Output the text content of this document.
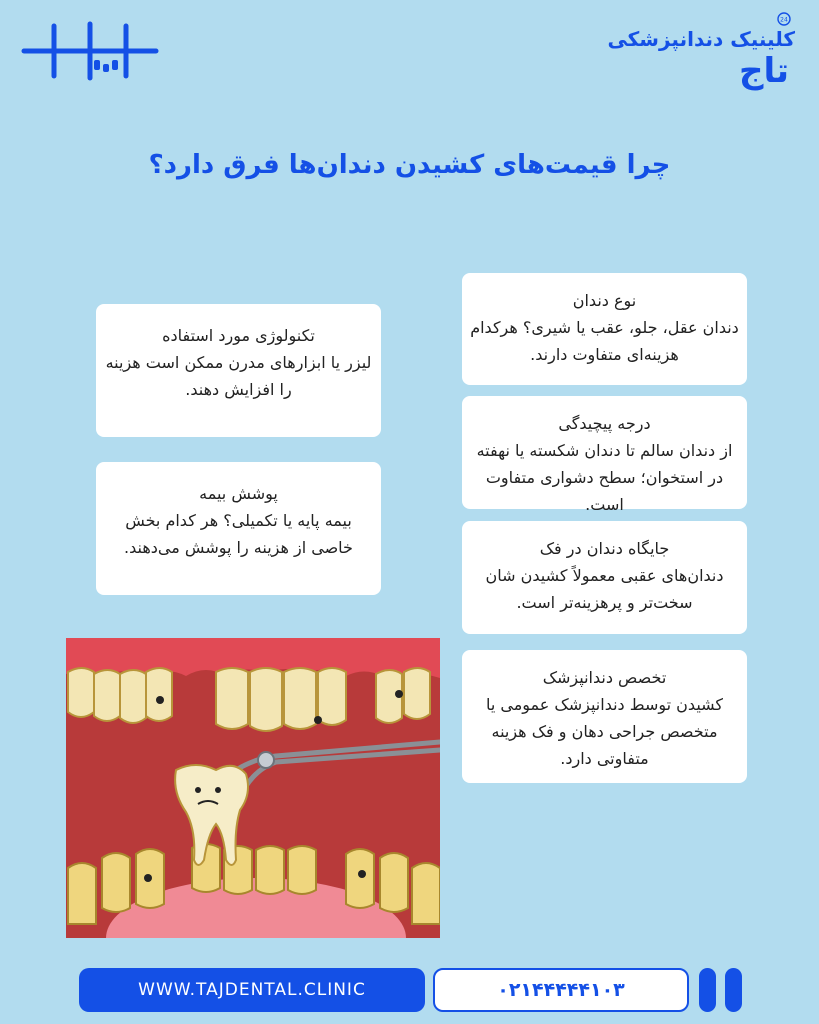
کلینیک دندانپزشکی
تاج
24
چرا قیمت‌های کشیدن دندان‌ها فرق دارد؟
نوع دندان
دندان عقل، جلو، عقب یا شیری؟ هرکدام هزینه‌ای متفاوت دارند.
درجه پیچیدگی
از دندان سالم تا دندان شکسته یا نهفته در استخوان؛ سطح دشواری متفاوت است.
جایگاه دندان در فک
دندان‌های عقبی معمولاً کشیدن شان سخت‌تر و پرهزینه‌تر است.
تخصص دندانپزشک
کشیدن توسط دندانپزشک عمومی یا متخصص جراحی دهان و فک هزینه متفاوتی دارد.
تکنولوژی مورد استفاده
لیزر یا ابزارهای مدرن ممکن است هزینه را افزایش دهند.
پوشش بیمه
بیمه پایه یا تکمیلی؟ هر کدام بخش خاصی از هزینه را پوشش می‌دهند.
WWW.TAJDENTAL.CLINIC	۰۲۱۴۴۴۴۴۱۰۳
